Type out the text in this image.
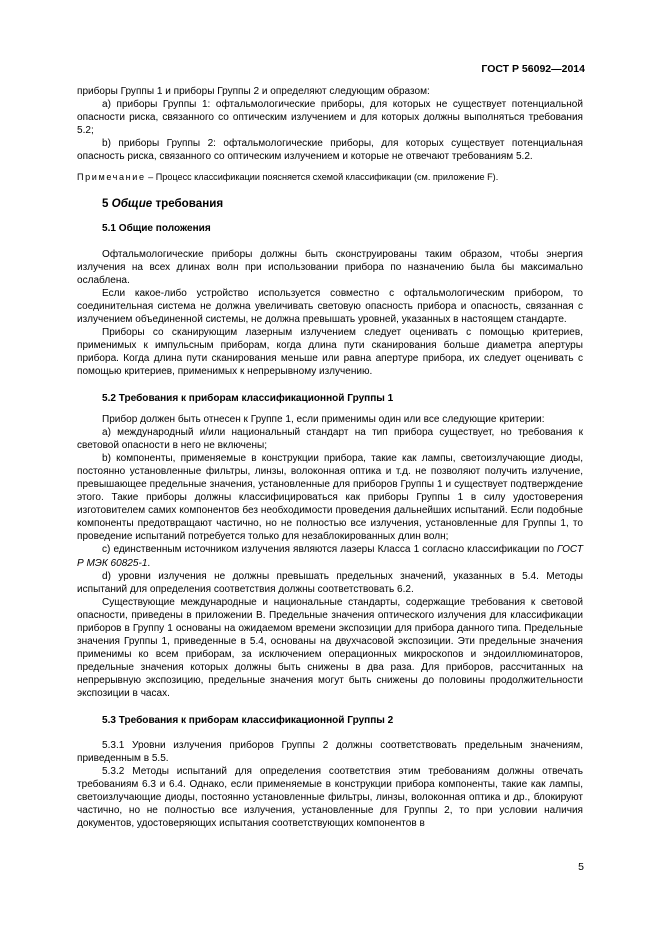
ГОСТ Р 56092—2014

приборы Группы 1 и приборы Группы 2 и определяют следующим образом:

а) приборы Группы 1: офтальмологические приборы, для которых не существует потенциальной опасности риска, связанного со оптическим излучением и для которых должны выполняться требования 5.2;

b) приборы Группы 2: офтальмологические приборы, для которых существует потенциальная опасность риска, связанного со оптическим излучением и которые не отвечают требованиям 5.2.

Примечание – Процесс классификации поясняется схемой классификации (см. приложение F).

5 Общие требования
5.1 Общие положения

Офтальмологические приборы должны быть сконструированы таким образом, чтобы энергия излучения на всех длинах волн при использовании прибора по назначению была бы максимально ослаблена.

Если какое-либо устройство используется совместно с офтальмологическим прибором, то соединительная система не должна увеличивать световую опасность прибора и опасность, связанная с излучением объединенной системы, не должна превышать уровней, указанных в настоящем стандарте.

Приборы со сканирующим лазерным излучением следует оценивать с помощью критериев, применимых к импульсным приборам, когда длина пути сканирования больше диаметра апертуры прибора. Когда длина пути сканирования меньше или равна апертуре прибора, их следует оценивать с помощью критериев, применимых к непрерывному излучению.

5.2 Требования к приборам классификационной Группы 1

Прибор должен быть отнесен к Группе 1, если применимы один или все следующие критерии:

а) международный и/или национальный стандарт на тип прибора существует, но требования к световой опасности в него не включены;

b) компоненты, применяемые в конструкции прибора, такие как лампы, светоизлучающие диоды, постоянно установленные фильтры, линзы, волоконная оптика и т.д. не позволяют получить излучение, превышающее предельные значения, установленные для приборов Группы 1 и существует подтверждение этого. Такие приборы должны классифицироваться как приборы Группы 1 в силу удостоверения изготовителем самих компонентов без необходимости проведения дальнейших испытаний. Если подобные компоненты предотвращают частично, но не полностью все излучения, установленные для Группы 1, то проведение испытаний потребуется только для незаблокированных длин волн;

с) единственным источником излучения являются лазеры Класса 1 согласно классификации по ГОСТ Р МЭК 60825-1.

d) уровни излучения не должны превышать предельных значений, указанных в 5.4. Методы испытаний для определения соответствия должны соответствовать 6.2.

Существующие международные и национальные стандарты, содержащие требования к световой опасности, приведены в приложении В. Предельные значения оптического излучения для классификации приборов в Группу 1 основаны на ожидаемом времени экспозиции для прибора данного типа. Предельные значения Группы 1, приведенные в 5.4, основаны на двухчасовой экспозиции. Эти предельные значения применимы ко всем приборам, за исключением операционных микроскопов и эндоиллюминаторов, предельные значения которых должны быть снижены в два раза. Для приборов, рассчитанных на непрерывную экспозицию, предельные значения могут быть снижены до половины продолжительности экспозиции в часах.

5.3 Требования к приборам классификационной Группы 2

5.3.1 Уровни излучения приборов Группы 2 должны соответствовать предельным значениям, приведенным в 5.5.

5.3.2 Методы испытаний для определения соответствия этим требованиям должны отвечать требованиям 6.3 и 6.4. Однако, если применяемые в конструкции прибора компоненты, такие как лампы, светоизлучающие диоды, постоянно установленные фильтры, линзы, волоконная оптика и др., блокируют частично, но не полностью все излучения, установленные для Группы 2, то при условии наличия документов, удостоверяющих испытания соответствующих компонентов в

5
